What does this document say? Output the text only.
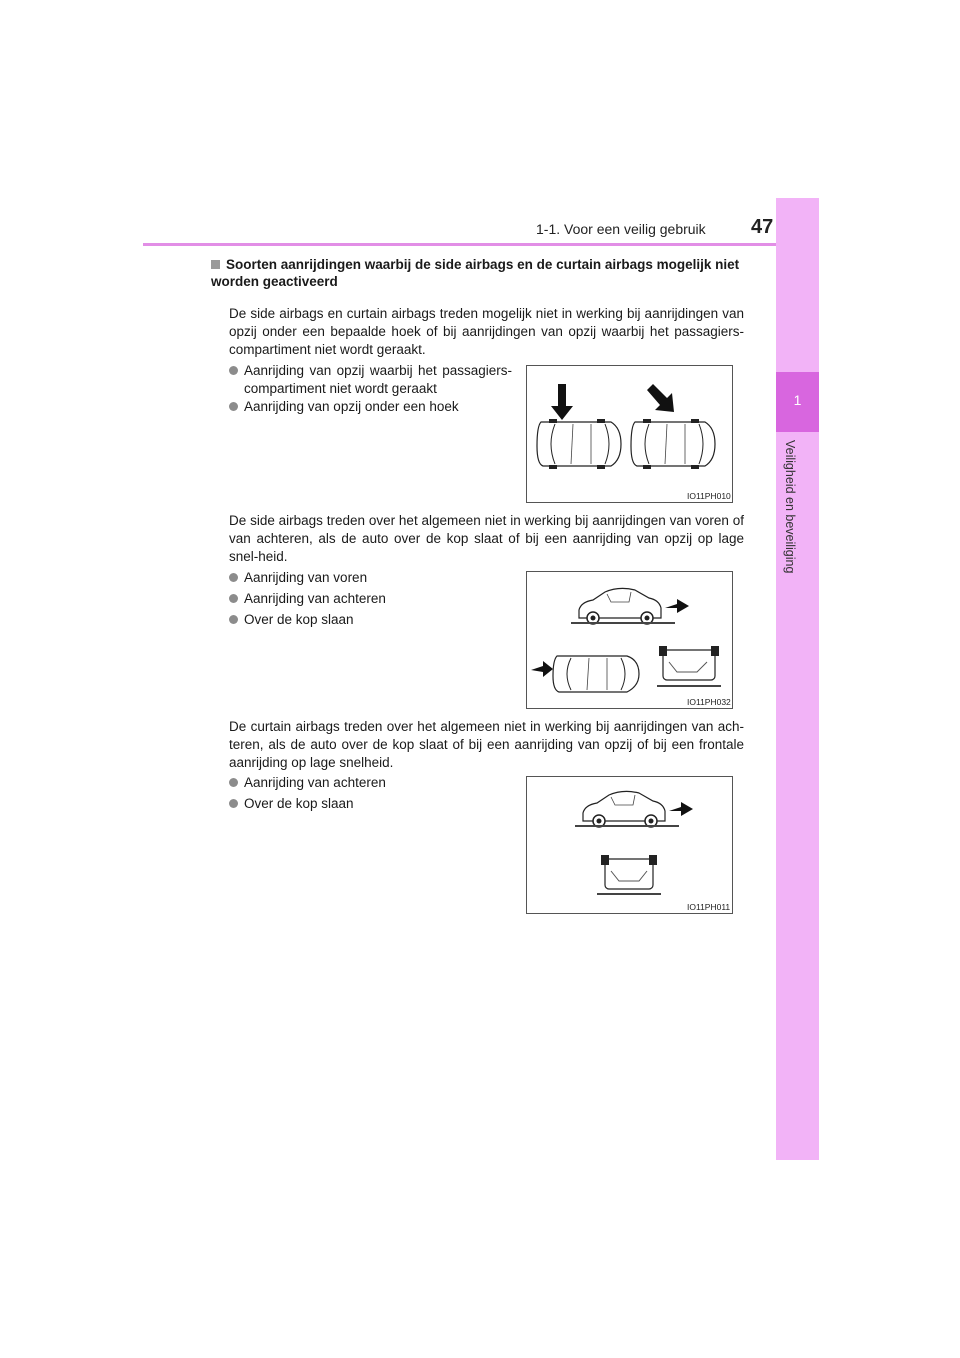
1-1. Voor een veilig gebruik 47
1
Veiligheid en beveiliging
Soorten aanrijdingen waarbij de side airbags en de curtain airbags mogelijk niet
worden geactiveerd
De side airbags en curtain airbags treden mogelijk niet in werking bij aanrijdingen van opzij onder een bepaalde hoek of bij aanrijdingen van opzij waarbij het passagiers-compartiment niet wordt geraakt.
Aanrijding van opzij waarbij het passagiers-
compartiment niet wordt geraakt
Aanrijding van opzij onder een hoek
IO11PH010
De side airbags treden over het algemeen niet in werking bij aanrijdingen van voren of van achteren, als de auto over de kop slaat of bij een aanrijding van opzij op lage snel-heid.
Aanrijding van voren
Aanrijding van achteren
Over de kop slaan
IO11PH032
De curtain airbags treden over het algemeen niet in werking bij aanrijdingen van ach-teren, als de auto over de kop slaat of bij een aanrijding van opzij of bij een frontale aanrijding op lage snelheid.
Aanrijding van achteren
Over de kop slaan
IO11PH011
